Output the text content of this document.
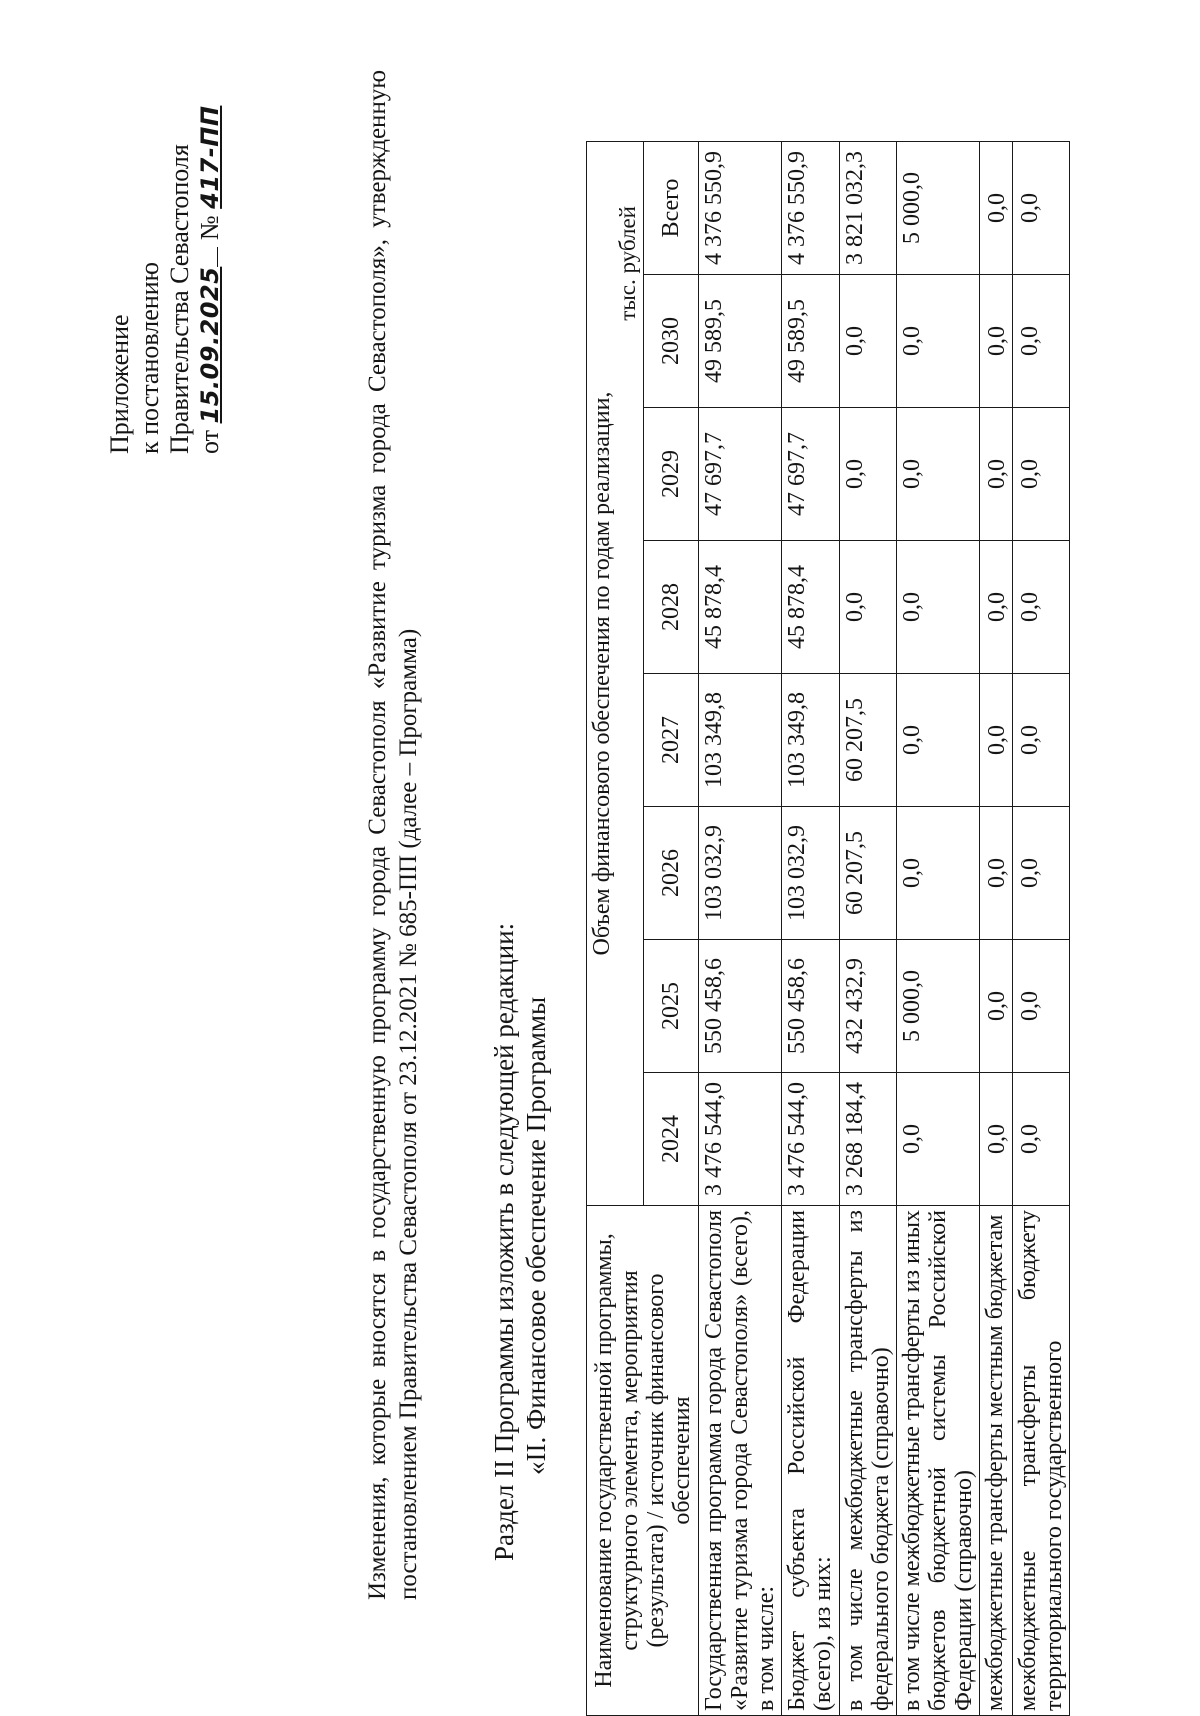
Приложение к постановлению Правительства Севастополя от 15.09.2025 № 417-ПП	Изменения, которые вносятся в государственную программу города Севастополя «Развитие туризма города Севастополя», утвержденную постановлением Правительства Севастополя от 23.12.2021 № 685-ПП (далее – Программа) Раздел II Программы изложить в следующей редакции: «II. Финансовое обеспечение Программы Наименование государственной программы, структурного элемента, мероприятия (результата) / источник финансового обеспечения	Объем финансового обеспечения по годам реализации,
тыс. рублей							

	2024	2025	2026	2027	2028	2029	2030	Всего
Государственная программа города Севастополя «Развитие туризма города Севастополя» (всего), в том числе:	3 476 544,0	550 458,6	103 032,9	103 349,8	45 878,4	47 697,7	49 589,5	4 376 550,9
Бюджет субъекта Российской Федерации (всего), из них:	3 476 544,0	550 458,6	103 032,9	103 349,8	45 878,4	47 697,7	49 589,5	4 376 550,9
в том числе межбюджетные трансферты из федерального бюджета (справочно)	3 268 184,4	432 432,9	60 207,5	60 207,5	0,0	0,0	0,0	3 821 032,3
в том числе межбюджетные трансферты из иных бюджетов бюджетной системы Российской Федерации (справочно)	0,0	5 000,0	0,0	0,0	0,0	0,0	0,0	5 000,0
межбюджетные трансферты местным бюджетам	0,0	0,0	0,0	0,0	0,0	0,0	0,0	0,0
межбюджетные трансферты бюджету территориального государственного	0,0	0,0	0,0	0,0	0,0	0,0	0,0	0,0
